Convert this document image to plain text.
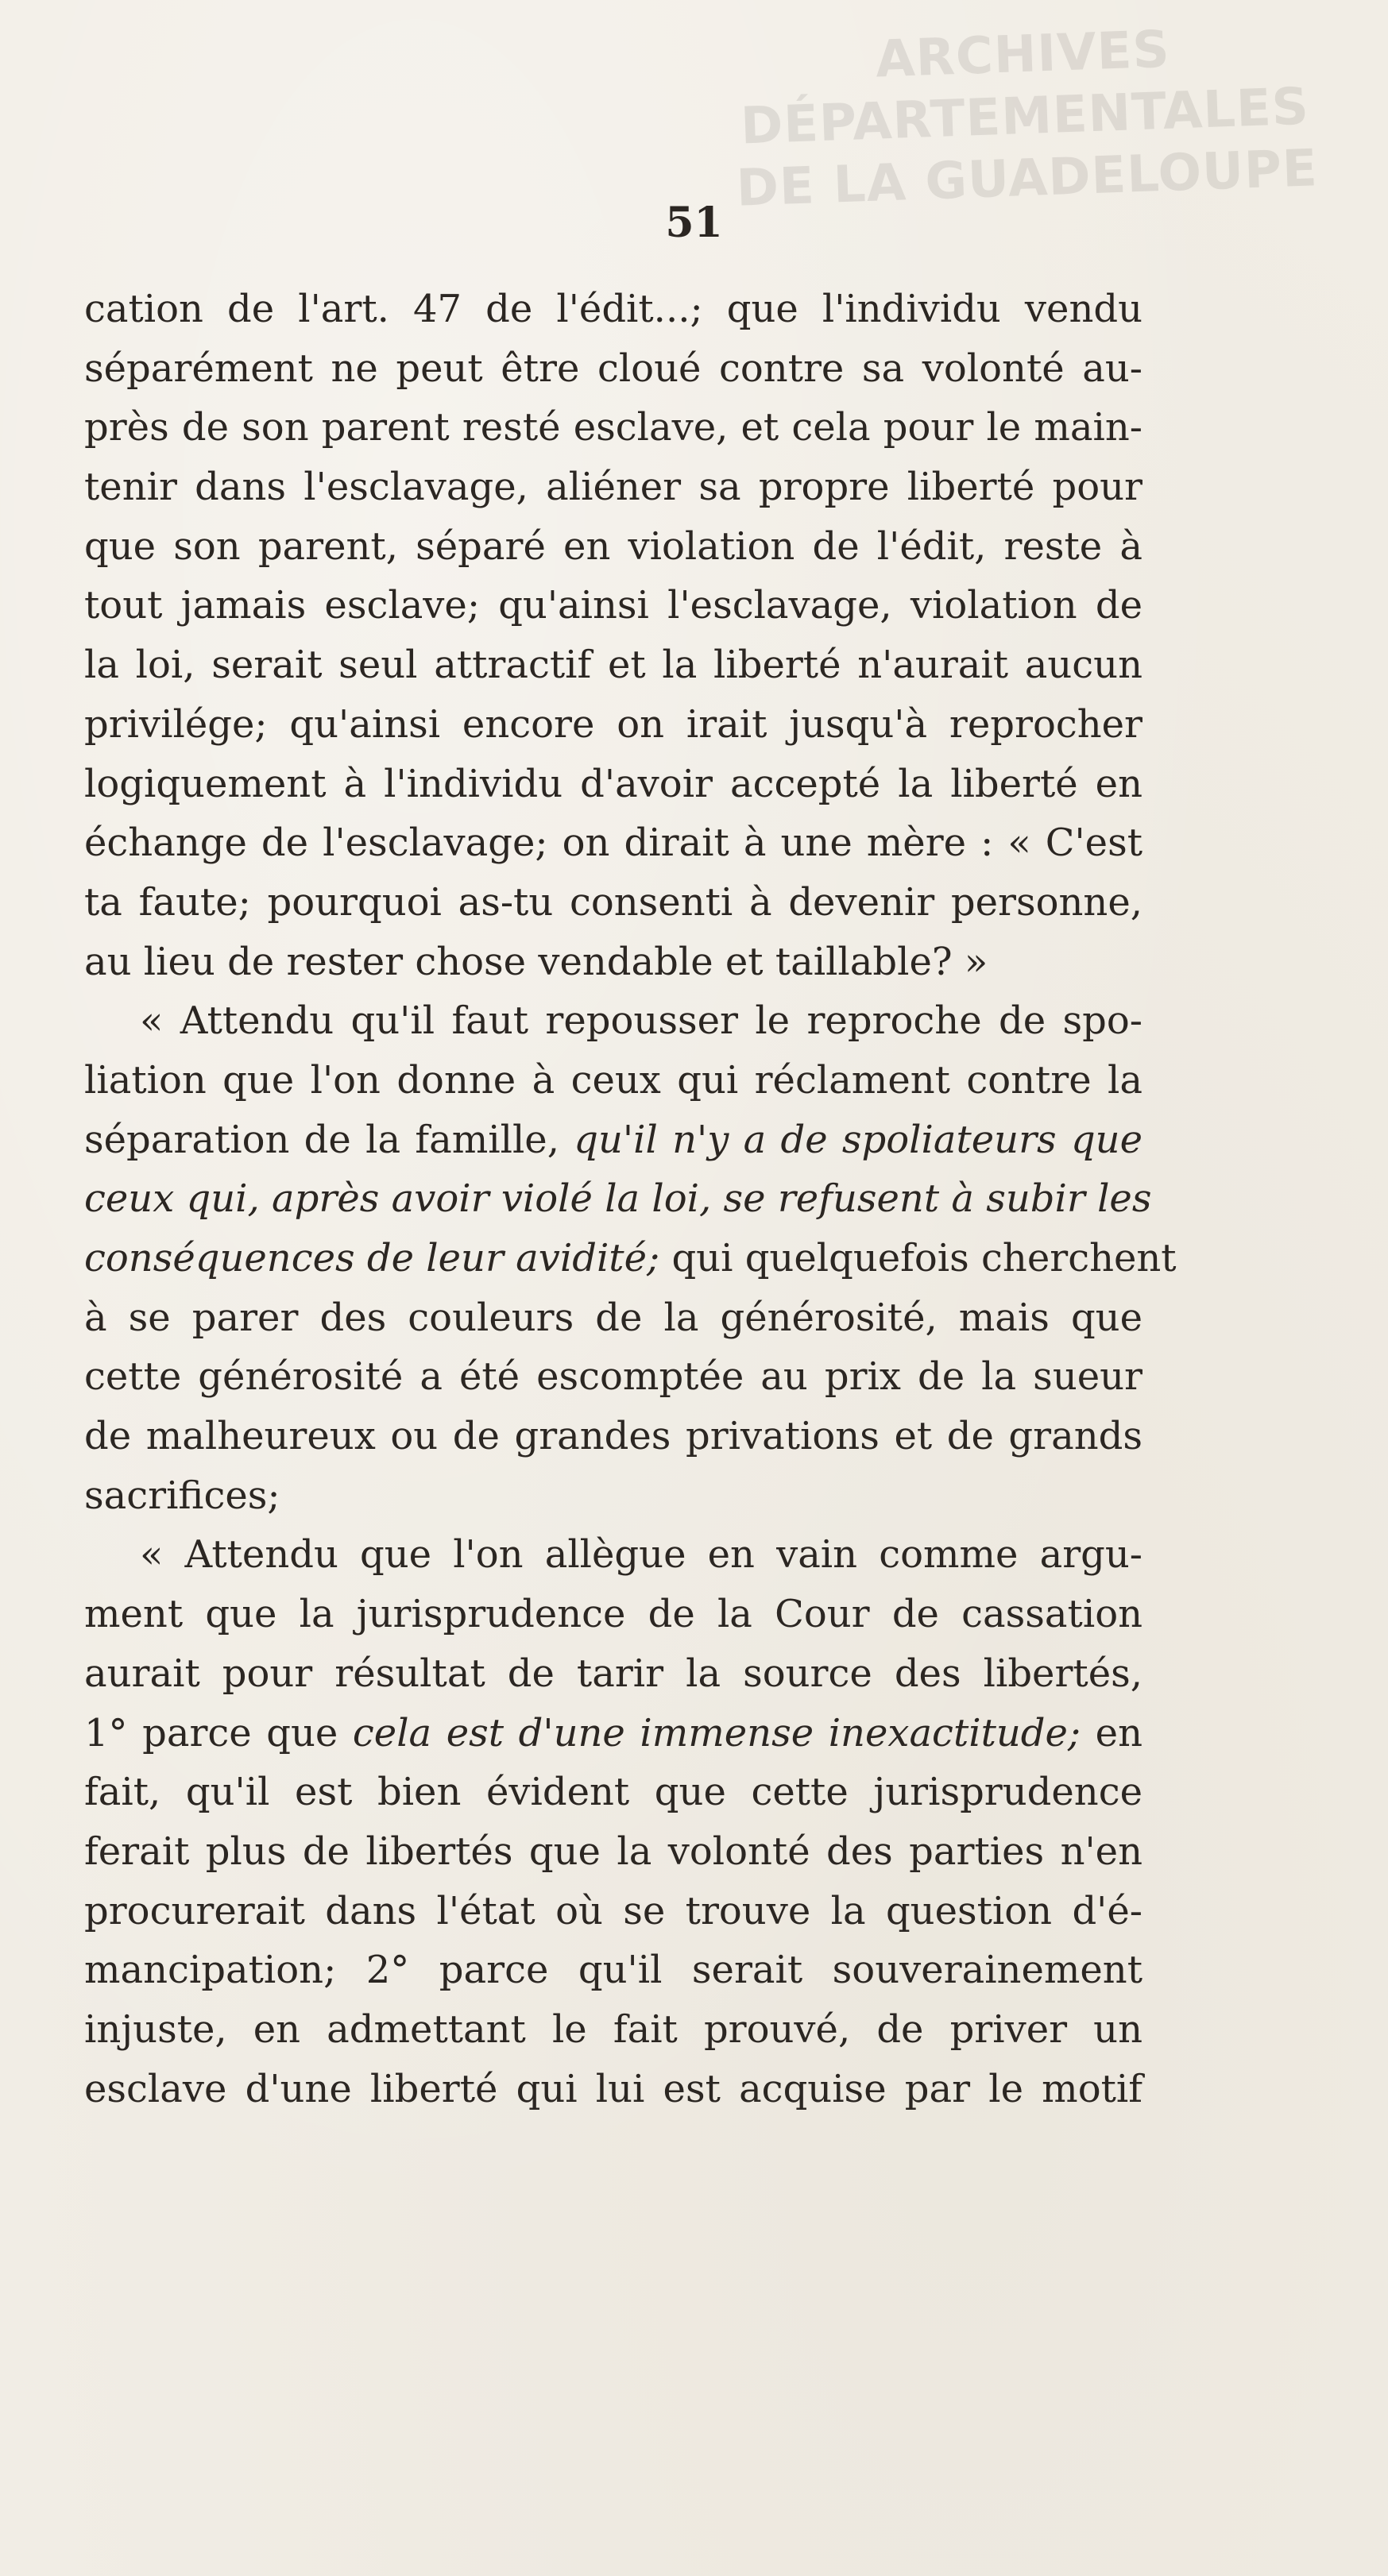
ARCHIVES
DÉPARTEMENTALES
DE LA GUADELOUPE
51
cation de l'art. 47 de l'édit...; que l'individu vendu
séparément ne peut être cloué contre sa volonté au-
près de son parent resté esclave, et cela pour le main-
tenir dans l'esclavage, aliéner sa propre liberté pour
que son parent, séparé en violation de l'édit, reste à
tout jamais esclave; qu'ainsi l'esclavage, violation de
la loi, serait seul attractif et la liberté n'aurait aucun
privilége; qu'ainsi encore on irait jusqu'à reprocher
logiquement à l'individu d'avoir accepté la liberté en
échange de l'esclavage; on dirait à une mère : « C'est
ta faute; pourquoi as-tu consenti à devenir personne,
au lieu de rester chose vendable et taillable? »
« Attendu qu'il faut repousser le reproche de spo-
liation que l'on donne à ceux qui réclament contre la
séparation de la famille, qu'il n'y a de spoliateurs que
ceux qui, après avoir violé la loi, se refusent à subir les
conséquences de leur avidité; qui quelquefois cherchent
à se parer des couleurs de la générosité, mais que
cette générosité a été escomptée au prix de la sueur
de malheureux ou de grandes privations et de grands
sacrifices;
« Attendu que l'on allègue en vain comme argu-
ment que la jurisprudence de la Cour de cassation
aurait pour résultat de tarir la source des libertés,
1° parce que cela est d'une immense inexactitude; en
fait, qu'il est bien évident que cette jurisprudence
ferait plus de libertés que la volonté des parties n'en
procurerait dans l'état où se trouve la question d'é-
mancipation; 2° parce qu'il serait souverainement
injuste, en admettant le fait prouvé, de priver un
esclave d'une liberté qui lui est acquise par le motif
